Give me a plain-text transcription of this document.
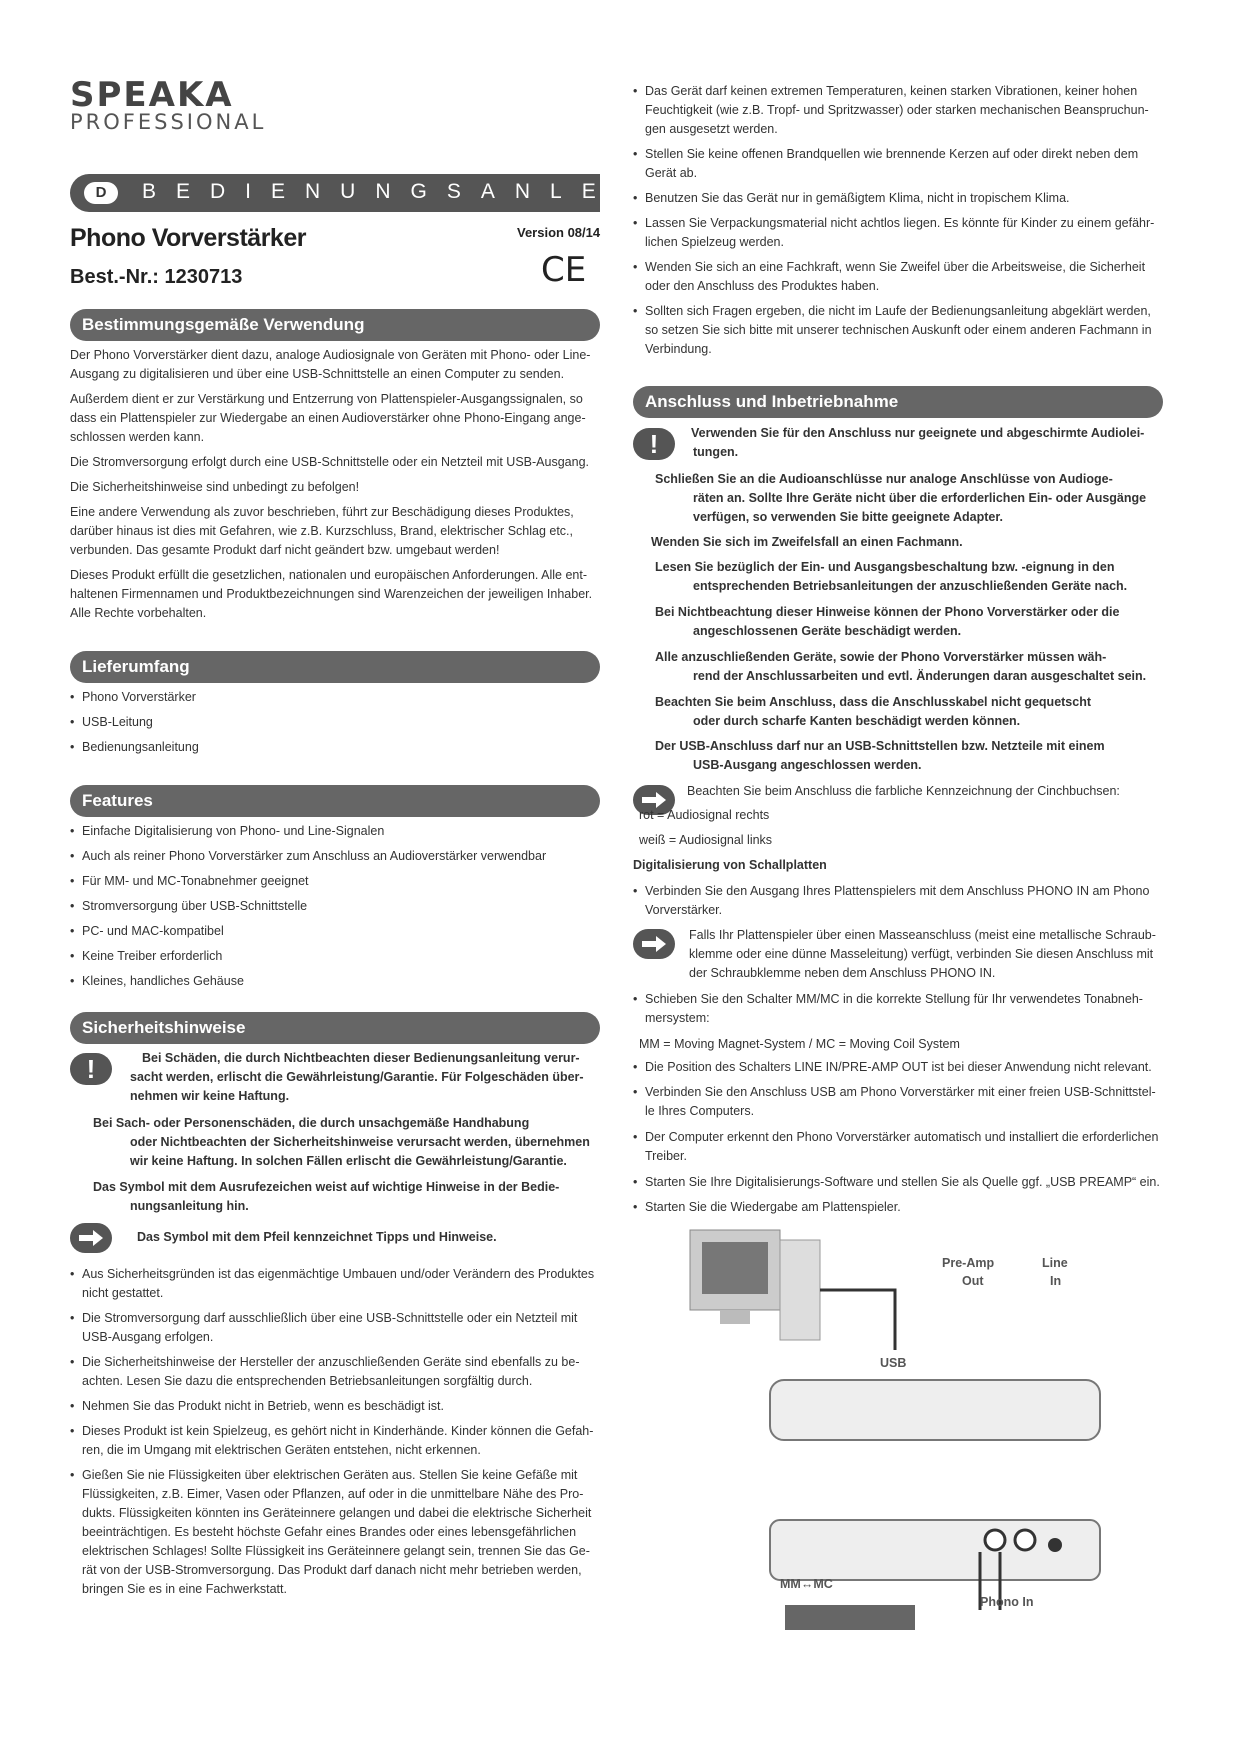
SPEAKA
PROFESSIONAL
D	BEDIENUNGSANLEIT
Phono Vorverstärker
Best.-Nr.: 1230713
Version 08/14
CE
Bestimmungsgemäße Verwendung
Der Phono Vorverstärker dient dazu, analoge Audiosignale von Geräten mit Phono- oder Line-
Ausgang zu digitalisieren und über eine USB-Schnittstelle an einen Computer zu senden.
Außerdem dient er zur Verstärkung und Entzerrung von Plattenspieler-Ausgangssignalen, so
dass ein Plattenspieler zur Wiedergabe an einen Audioverstärker ohne Phono-Eingang ange-
schlossen werden kann.
Die Stromversorgung erfolgt durch eine USB-Schnittstelle oder ein Netzteil mit USB-Ausgang.
Die Sicherheitshinweise sind unbedingt zu befolgen!
Eine andere Verwendung als zuvor beschrieben, führt zur Beschädigung dieses Produktes,
darüber hinaus ist dies mit Gefahren, wie z.B. Kurzschluss, Brand, elektrischer Schlag etc.,
verbunden. Das gesamte Produkt darf nicht geändert bzw. umgebaut werden!
Dieses Produkt erfüllt die gesetzlichen, nationalen und europäischen Anforderungen. Alle ent-
haltenen Firmennamen und Produktbezeichnungen sind Warenzeichen der jeweiligen Inhaber.
Alle Rechte vorbehalten.
Lieferumfang
• Phono Vorverstärker
• USB-Leitung
• Bedienungsanleitung
Features
• Einfache Digitalisierung von Phono- und Line-Signalen
• Auch als reiner Phono Vorverstärker zum Anschluss an Audioverstärker verwendbar
• Für MM- und MC-Tonabnehmer geeignet
• Stromversorgung über USB-Schnittstelle
• PC- und MAC-kompatibel
• Keine Treiber erforderlich
• Kleines, handliches Gehäuse
Sicherheitshinweise
!	Bei Schäden, die durch Nichtbeachten dieser Bedienungsanleitung verur-
sacht werden, erlischt die Gewährleistung/Garantie. Für Folgeschäden über-
nehmen wir keine Haftung.
Bei Sach- oder Personenschäden, die durch unsachgemäße Handhabung
oder Nichtbeachten der Sicherheitshinweise verursacht werden, übernehmen
wir keine Haftung. In solchen Fällen erlischt die Gewährleistung/Garantie.
Das Symbol mit dem Ausrufezeichen weist auf wichtige Hinweise in der Bedie-
nungsanleitung hin.
Das Symbol mit dem Pfeil kennzeichnet Tipps und Hinweise.
• Aus Sicherheitsgründen ist das eigenmächtige Umbauen und/oder Verändern des Produktes
nicht gestattet.
• Die Stromversorgung darf ausschließlich über eine USB-Schnittstelle oder ein Netzteil mit
USB-Ausgang erfolgen.
• Die Sicherheitshinweise der Hersteller der anzuschließenden Geräte sind ebenfalls zu be-
achten. Lesen Sie dazu die entsprechenden Betriebsanleitungen sorgfältig durch.
• Nehmen Sie das Produkt nicht in Betrieb, wenn es beschädigt ist.
• Dieses Produkt ist kein Spielzeug, es gehört nicht in Kinderhände. Kinder können die Gefah-
ren, die im Umgang mit elektrischen Geräten entstehen, nicht erkennen.
• Gießen Sie nie Flüssigkeiten über elektrischen Geräten aus. Stellen Sie keine Gefäße mit
Flüssigkeiten, z.B. Eimer, Vasen oder Pflanzen, auf oder in die unmittelbare Nähe des Pro-
dukts. Flüssigkeiten könnten ins Geräteinnere gelangen und dabei die elektrische Sicherheit
beeinträchtigen. Es besteht höchste Gefahr eines Brandes oder eines lebensgefährlichen
elektrischen Schlages! Sollte Flüssigkeit ins Geräteinnere gelangt sein, trennen Sie das Ge-
rät von der USB-Stromversorgung. Das Produkt darf danach nicht mehr betrieben werden,
bringen Sie es in eine Fachwerkstatt.
• Das Gerät darf keinen extremen Temperaturen, keinen starken Vibrationen, keiner hohen
Feuchtigkeit (wie z.B. Tropf- und Spritzwasser) oder starken mechanischen Beanspruchun-
gen ausgesetzt werden.
• Stellen Sie keine offenen Brandquellen wie brennende Kerzen auf oder direkt neben dem
Gerät ab.
• Benutzen Sie das Gerät nur in gemäßigtem Klima, nicht in tropischem Klima.
• Lassen Sie Verpackungsmaterial nicht achtlos liegen. Es könnte für Kinder zu einem gefähr-
lichen Spielzeug werden.
• Wenden Sie sich an eine Fachkraft, wenn Sie Zweifel über die Arbeitsweise, die Sicherheit
oder den Anschluss des Produktes haben.
• Sollten sich Fragen ergeben, die nicht im Laufe der Bedienungsanleitung abgeklärt werden,
so setzen Sie sich bitte mit unserer technischen Auskunft oder einem anderen Fachmann in
Verbindung.
Anschluss und Inbetriebnahme
!	Verwenden Sie für den Anschluss nur geeignete und abgeschirmte Audiolei-
tungen.
Schließen Sie an die Audioanschlüsse nur analoge Anschlüsse von Audioge-
räten an. Sollte Ihre Geräte nicht über die erforderlichen Ein- oder Ausgänge
verfügen, so verwenden Sie bitte geeignete Adapter.
Wenden Sie sich im Zweifelsfall an einen Fachmann.
Lesen Sie bezüglich der Ein- und Ausgangsbeschaltung bzw. -eignung in den
entsprechenden Betriebsanleitungen der anzuschließenden Geräte nach.
Bei Nichtbeachtung dieser Hinweise können der Phono Vorverstärker oder die
angeschlossenen Geräte beschädigt werden.
Alle anzuschließenden Geräte, sowie der Phono Vorverstärker müssen wäh-
rend der Anschlussarbeiten und evtl. Änderungen daran ausgeschaltet sein.
Beachten Sie beim Anschluss, dass die Anschlusskabel nicht gequetscht
oder durch scharfe Kanten beschädigt werden können.
Der USB-Anschluss darf nur an USB-Schnittstellen bzw. Netzteile mit einem
USB-Ausgang angeschlossen werden.
Beachten Sie beim Anschluss die farbliche Kennzeichnung der Cinchbuchsen:
rot = Audiosignal rechts
weiß = Audiosignal links
Digitalisierung von Schallplatten
• Verbinden Sie den Ausgang Ihres Plattenspielers mit dem Anschluss PHONO IN am Phono
Vorverstärker.
Falls Ihr Plattenspieler über einen Masseanschluss (meist eine metallische Schraub-
klemme oder eine dünne Masseleitung) verfügt, verbinden Sie diesen Anschluss mit
der Schraubklemme neben dem Anschluss PHONO IN.
• Schieben Sie den Schalter MM/MC in die korrekte Stellung für Ihr verwendetes Tonabneh-
mersystem:
MM = Moving Magnet-System / MC = Moving Coil System
• Die Position des Schalters LINE IN/PRE-AMP OUT ist bei dieser Anwendung nicht relevant.
• Verbinden Sie den Anschluss USB am Phono Vorverstärker mit einer freien USB-Schnittstel-
le Ihres Computers.
• Der Computer erkennt den Phono Vorverstärker automatisch und installiert die erforderlichen
Treiber.
• Starten Sie Ihre Digitalisierungs-Software und stellen Sie als Quelle ggf. „USB PREAMP“ ein.
• Starten Sie die Wiedergabe am Plattenspieler.
Pre-Amp
Out
Line
In
USB
Phono In
MM↔MC
